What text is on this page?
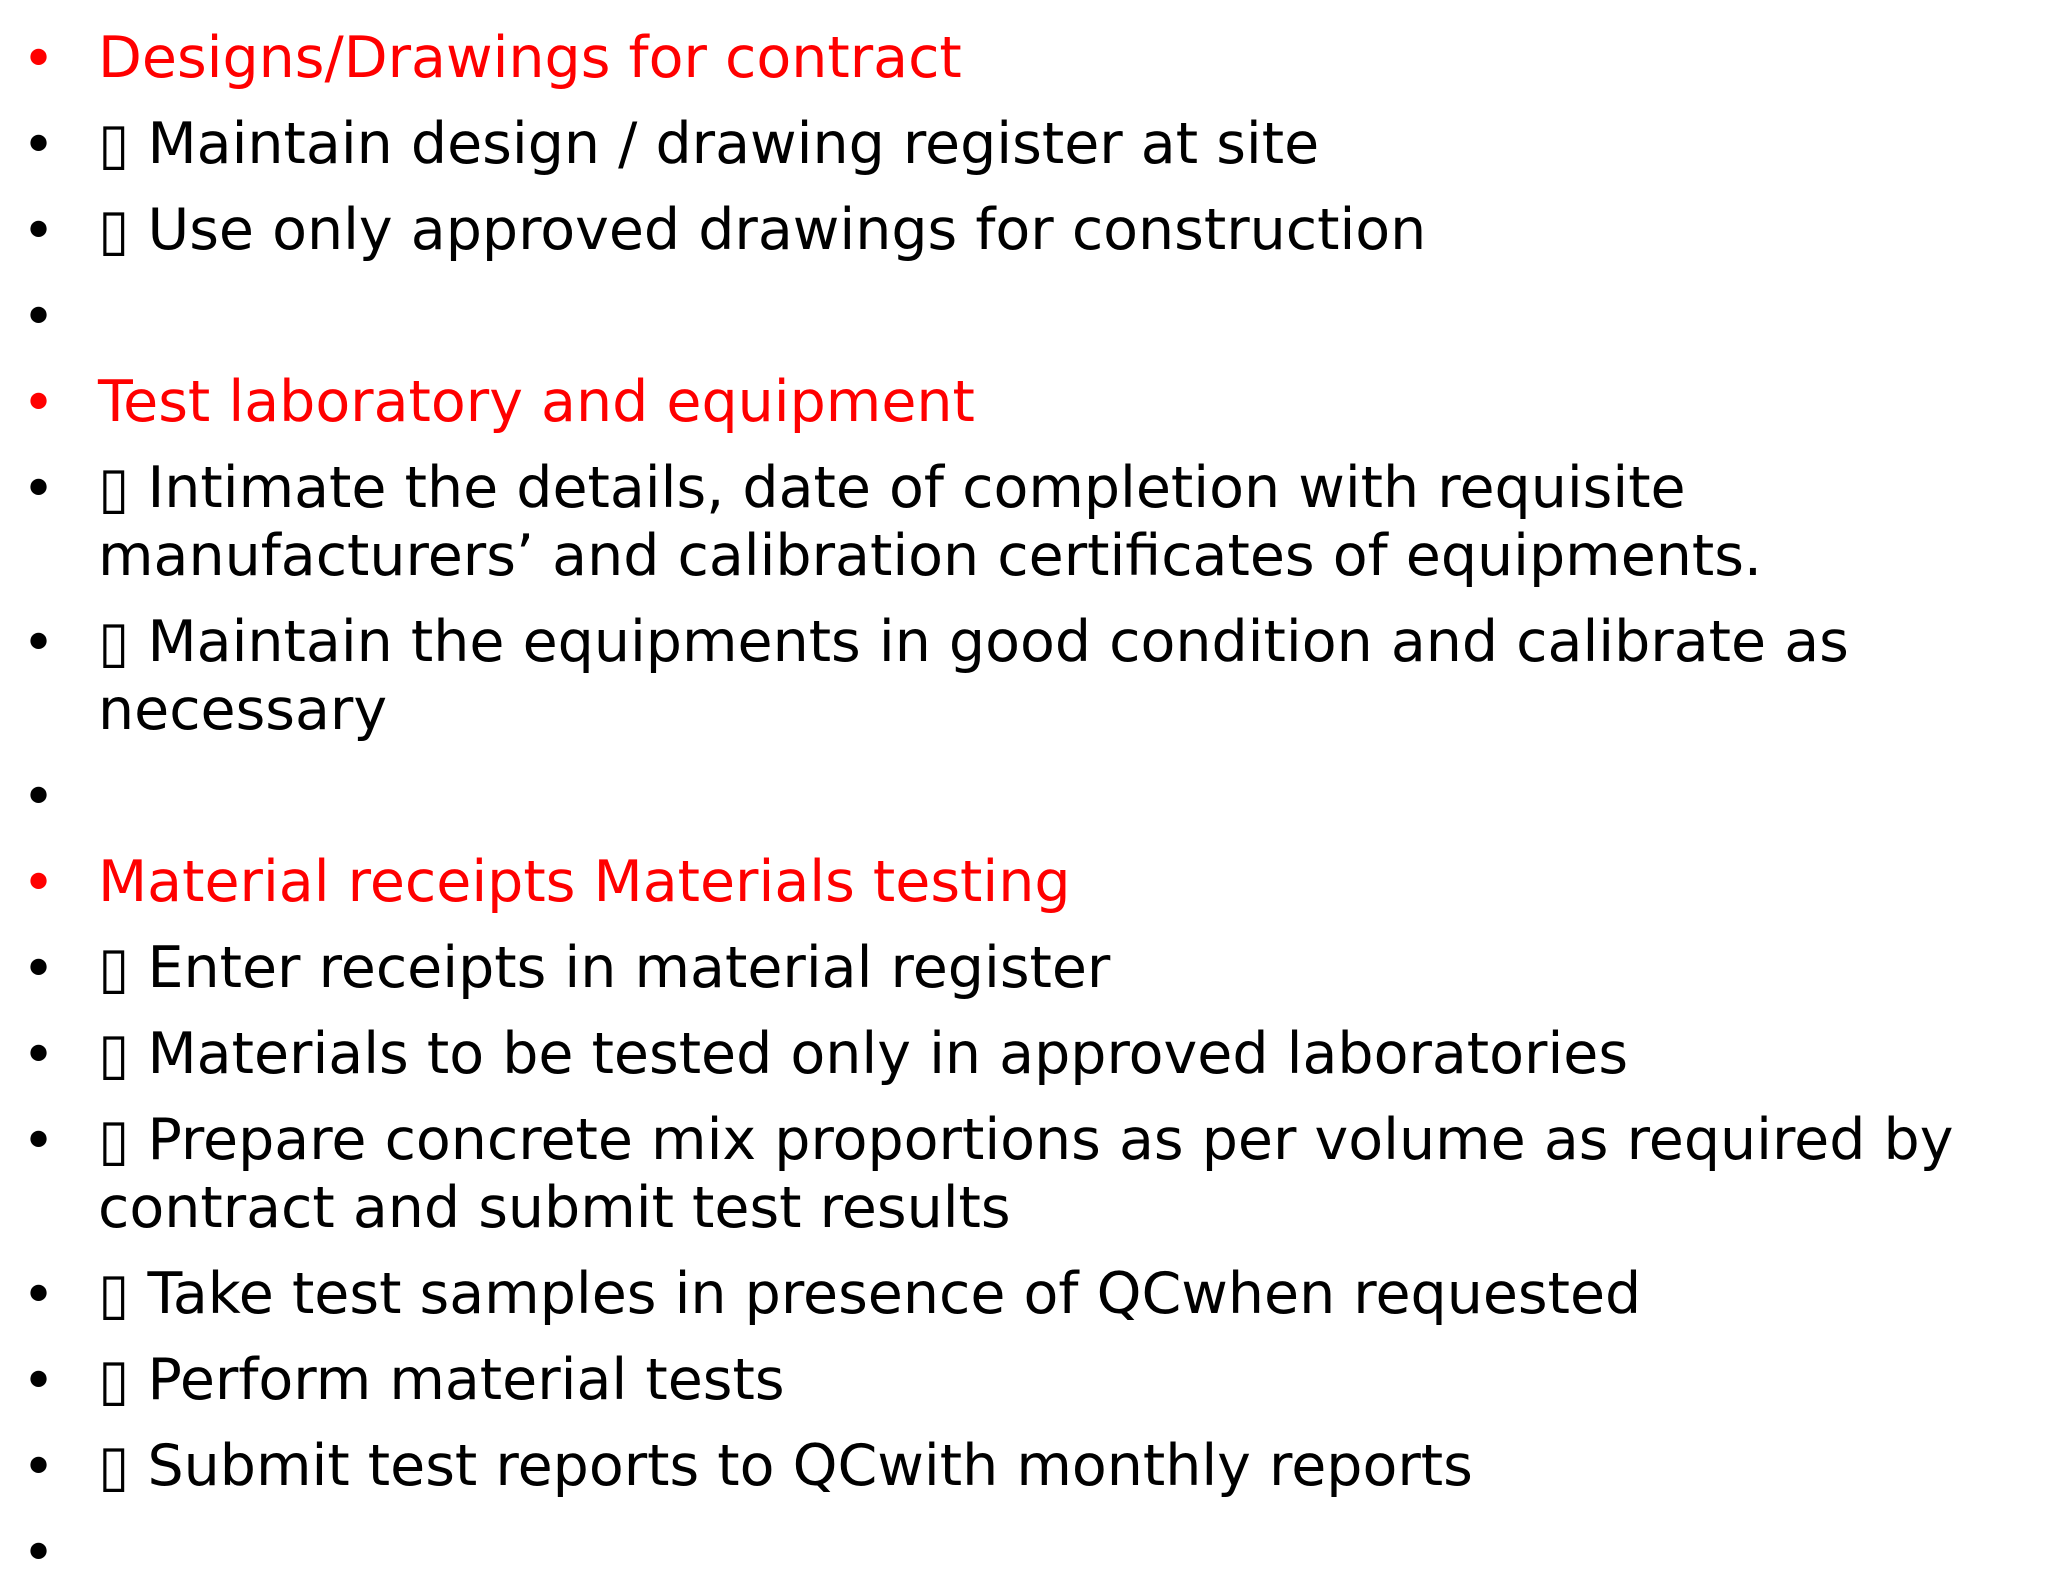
• Designs/Drawings for contract
• ▯ Maintain design / drawing register at site
• ▯ Use only approved drawings for construction
•
• Test laboratory and equipment
• ▯ Intimate the details, date of completion with requisite
manufacturers’ and calibration certificates of equipments.
• ▯ Maintain the equipments in good condition and calibrate as
necessary
•
• Material receipts Materials testing
• ▯ Enter receipts in material register
• ▯ Materials to be tested only in approved laboratories
• ▯ Prepare concrete mix proportions as per volume as required by
contract and submit test results
• ▯ Take test samples in presence of QCwhen requested
• ▯ Perform material tests
• ▯ Submit test reports to QCwith monthly reports
•
